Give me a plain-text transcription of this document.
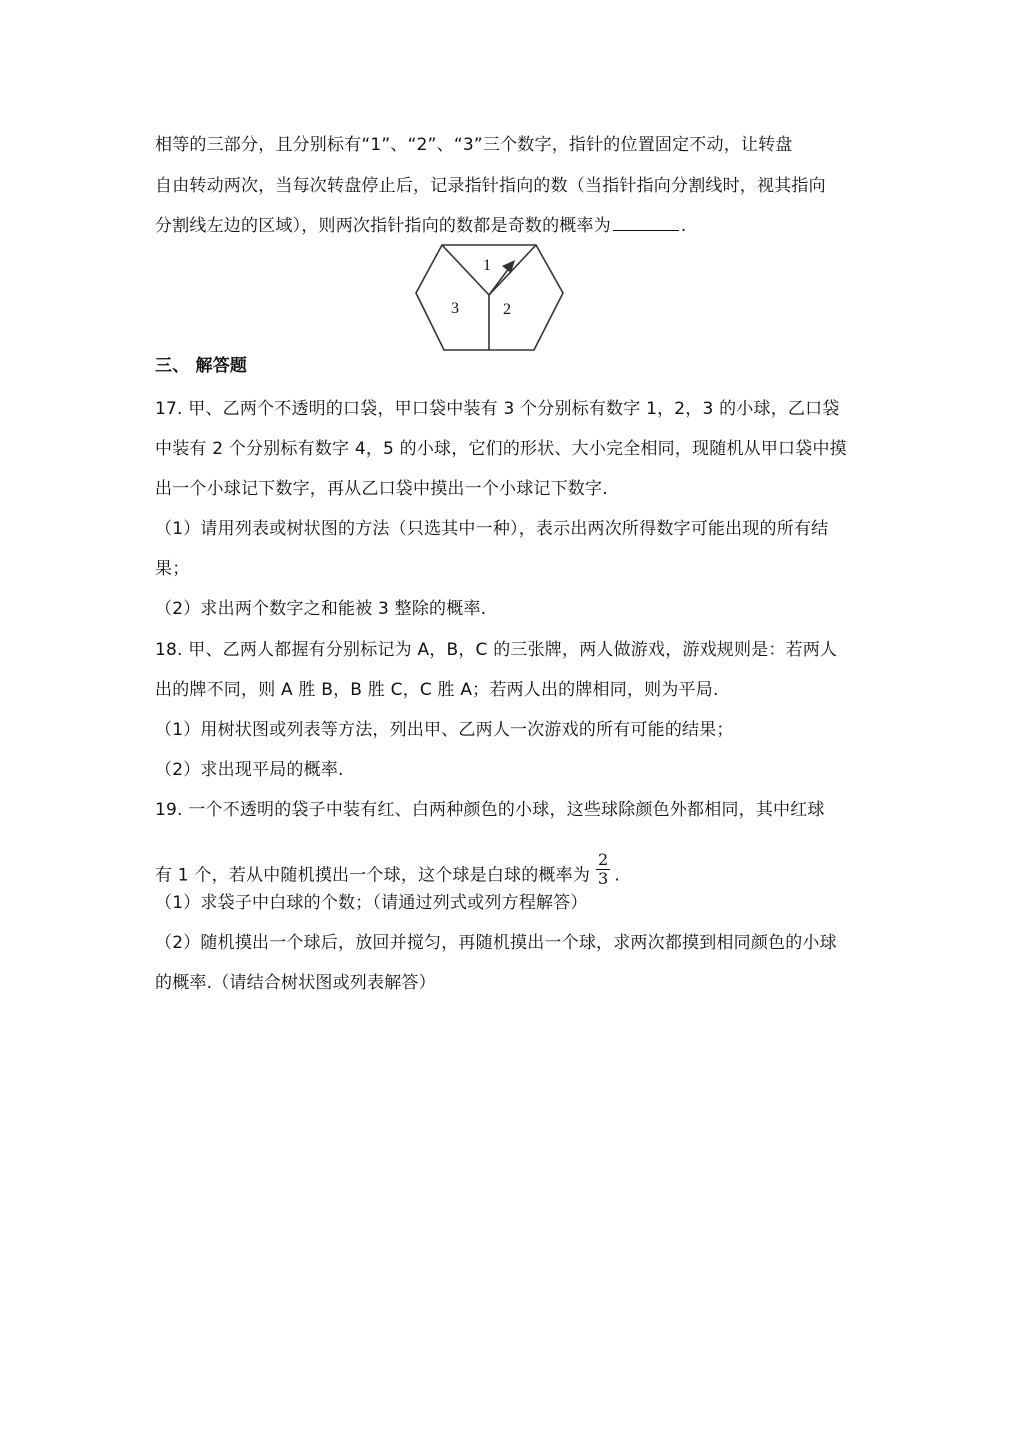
相等的三部分，且分别标有“1”、“2”、“3”三个数字，指针的位置固定不动，让转盘
自由转动两次，当每次转盘停止后，记录指针指向的数（当指针指向分割线时，视其指向
分割线左边的区域），则两次指针指向的数都是奇数的概率为	.
1
2
3
三、 解答题
17. 甲、乙两个不透明的口袋，甲口袋中装有 3 个分别标有数字 1，2，3 的小球，乙口袋
中装有 2 个分别标有数字 4，5 的小球，它们的形状、大小完全相同，现随机从甲口袋中摸
出一个小球记下数字，再从乙口袋中摸出一个小球记下数字.
（1）请用列表或树状图的方法（只选其中一种），表示出两次所得数字可能出现的所有结
果；
（2）求出两个数字之和能被 3 整除的概率.
18. 甲、乙两人都握有分别标记为 A，B，C 的三张牌，两人做游戏，游戏规则是：若两人
出的牌不同，则 A 胜 B，B 胜 C，C 胜 A；若两人出的牌相同，则为平局.
（1）用树状图或列表等方法，列出甲、乙两人一次游戏的所有可能的结果；
（2）求出现平局的概率.
19. 一个不透明的袋子中装有红、白两种颜色的小球，这些球除颜色外都相同，其中红球
有 1 个，若从中随机摸出一个球，这个球是白球的概率为 $\frac{2}{3}$ .
（1）求袋子中白球的个数；（请通过列式或列方程解答）
（2）随机摸出一个球后，放回并搅匀，再随机摸出一个球，求两次都摸到相同颜色的小球
的概率.（请结合树状图或列表解答）
